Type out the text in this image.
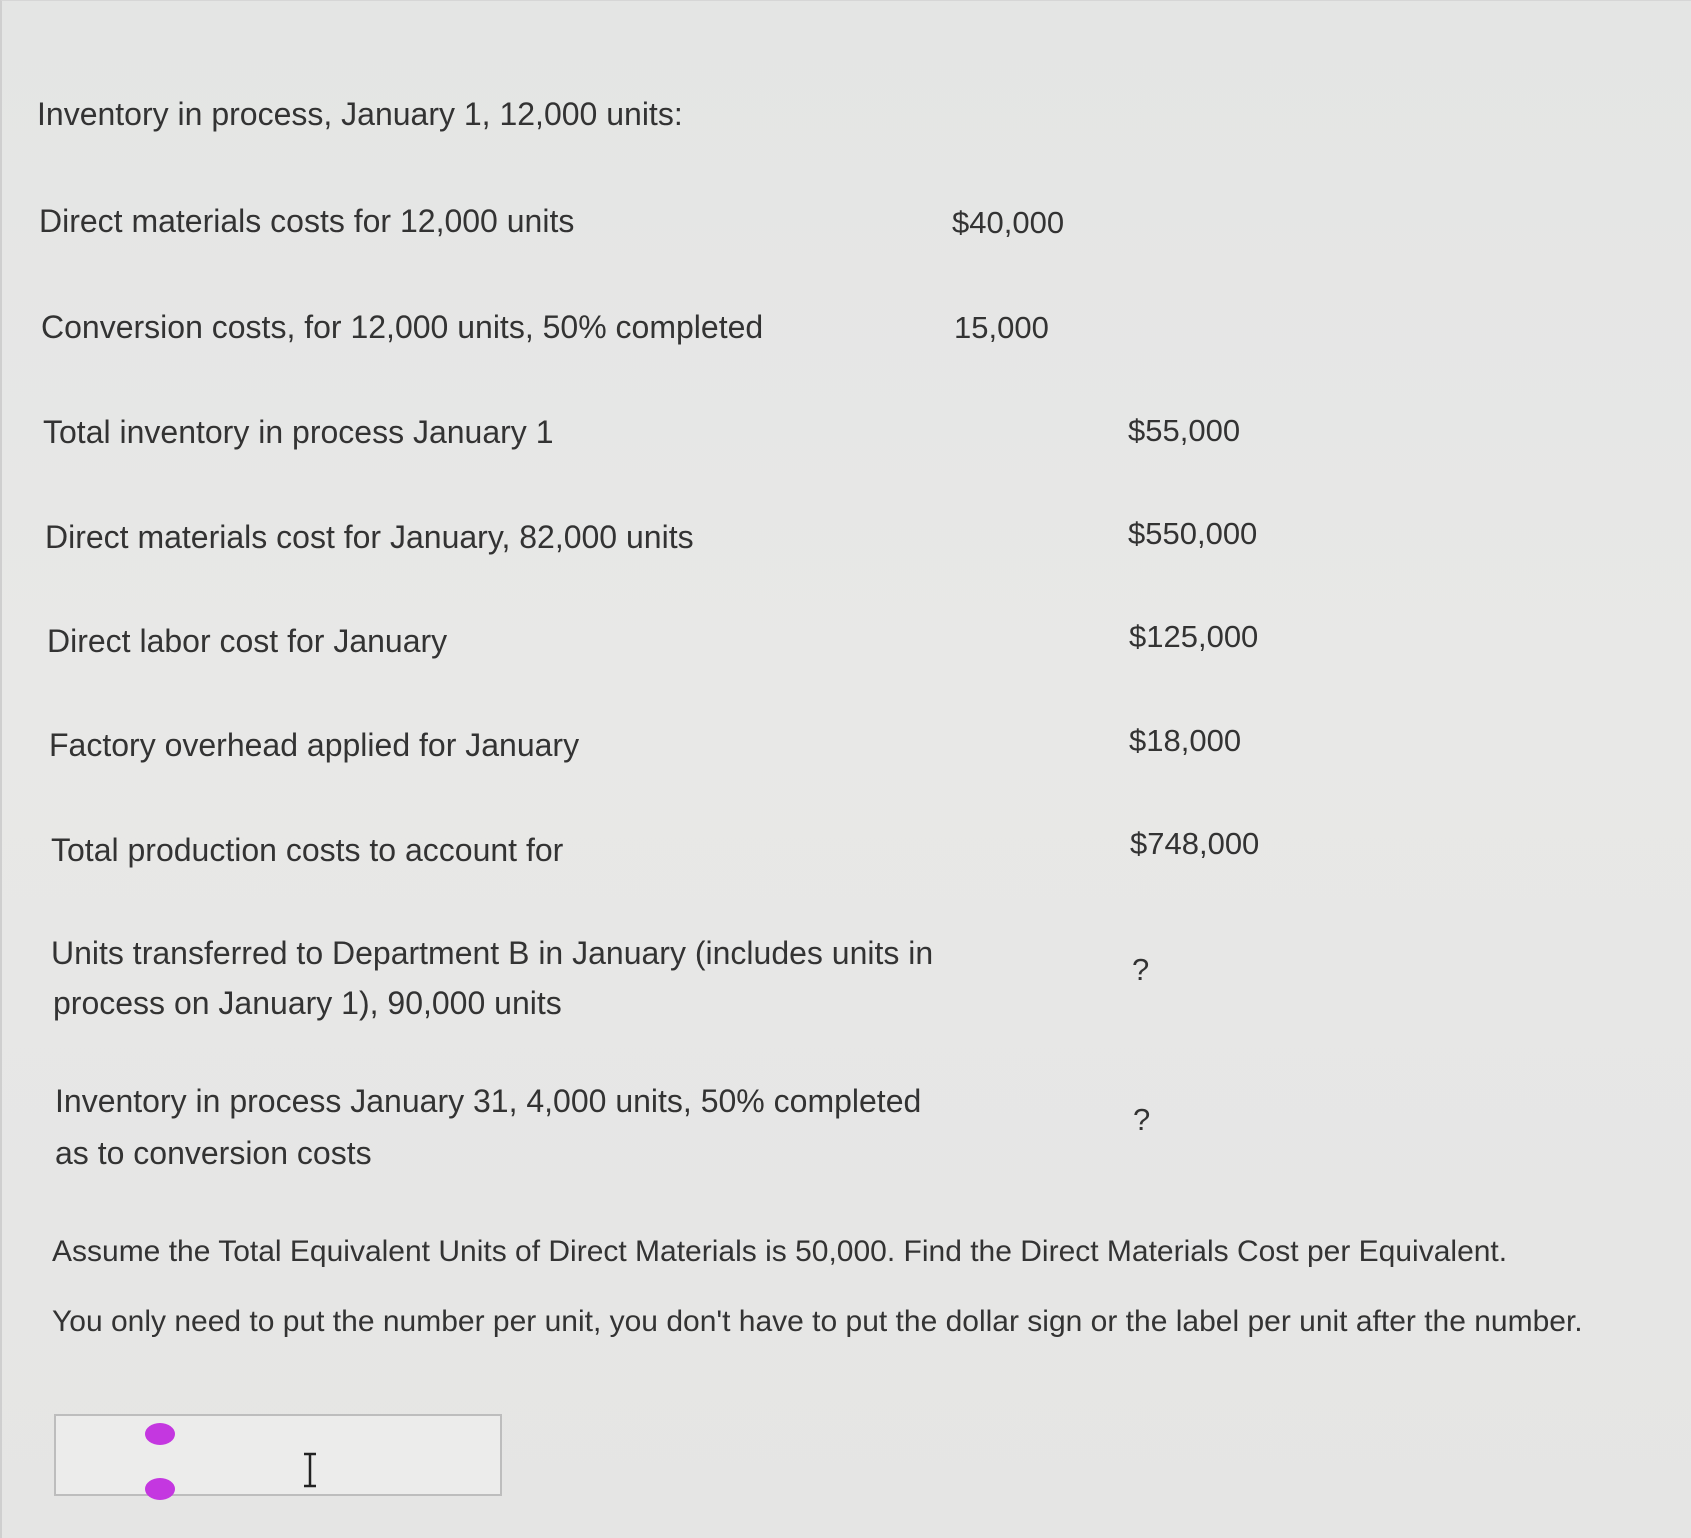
Inventory in process, January 1, 12,000 units:
Direct materials costs for 12,000 units	$40,000
Conversion costs, for 12,000 units, 50% completed	15,000
Total inventory in process January 1	$55,000
Direct materials cost for January, 82,000 units	$550,000
Direct labor cost for January	$125,000
Factory overhead applied for January	$18,000
Total production costs to account for	$748,000
Units transferred to Department B in January (includes units in
process on January 1), 90,000 units
?
Inventory in process January 31, 4,000 units, 50% completed
as to conversion costs
?
Assume the Total Equivalent Units of Direct Materials is 50,000. Find the Direct Materials Cost per Equivalent.
You only need to put the number per unit, you don't have to put the dollar sign or the label per unit after the number.
